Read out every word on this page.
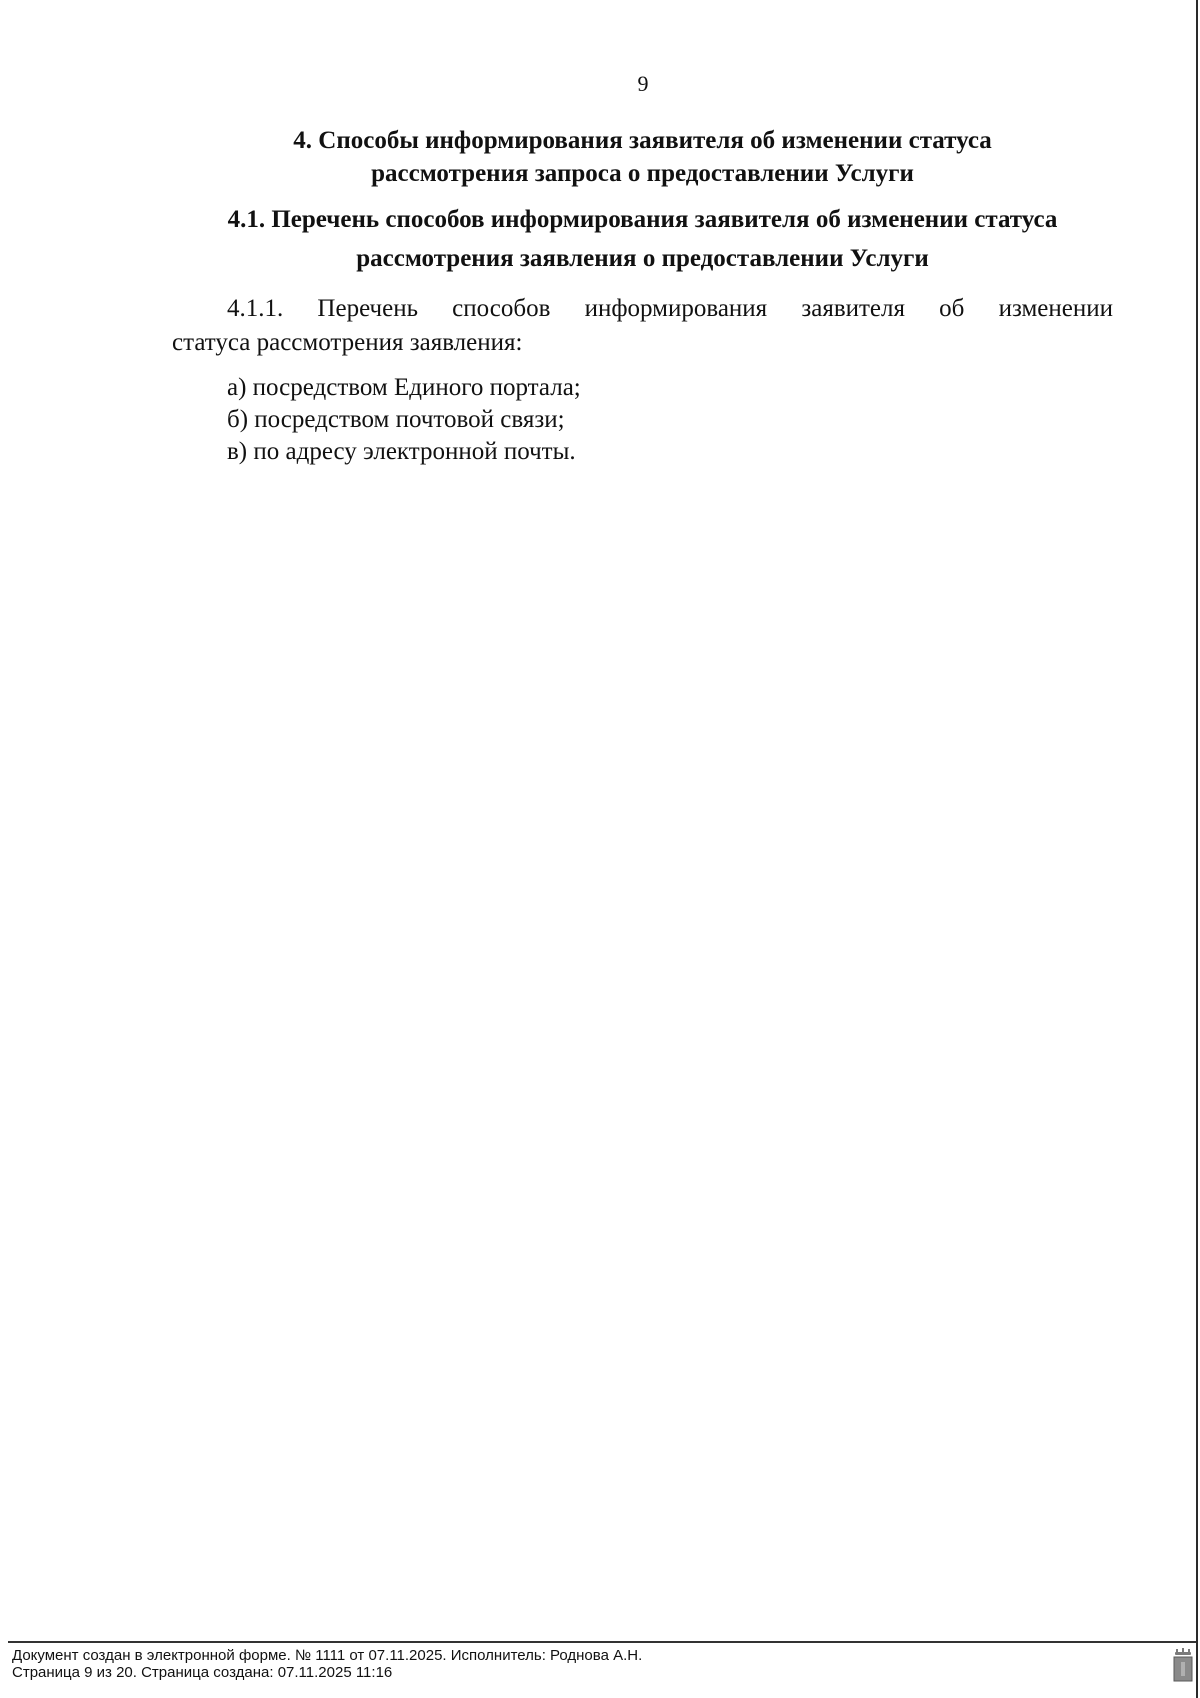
9
4. Способы информирования заявителя об изменении статуса
рассмотрения запроса о предоставлении Услуги
4.1. Перечень способов информирования заявителя об изменении статуса
рассмотрения заявления о предоставлении Услуги

4.1.1. Перечень способов информирования заявителя об изменении
статуса рассмотрения заявления:

а) посредством Единого портала;
б) посредством почтовой связи;
в) по адресу электронной почты.
Документ создан в электронной форме. № 1111 от 07.11.2025. Исполнитель: Роднова А.Н.
Страница 9 из 20. Страница создана: 07.11.2025 11:16
